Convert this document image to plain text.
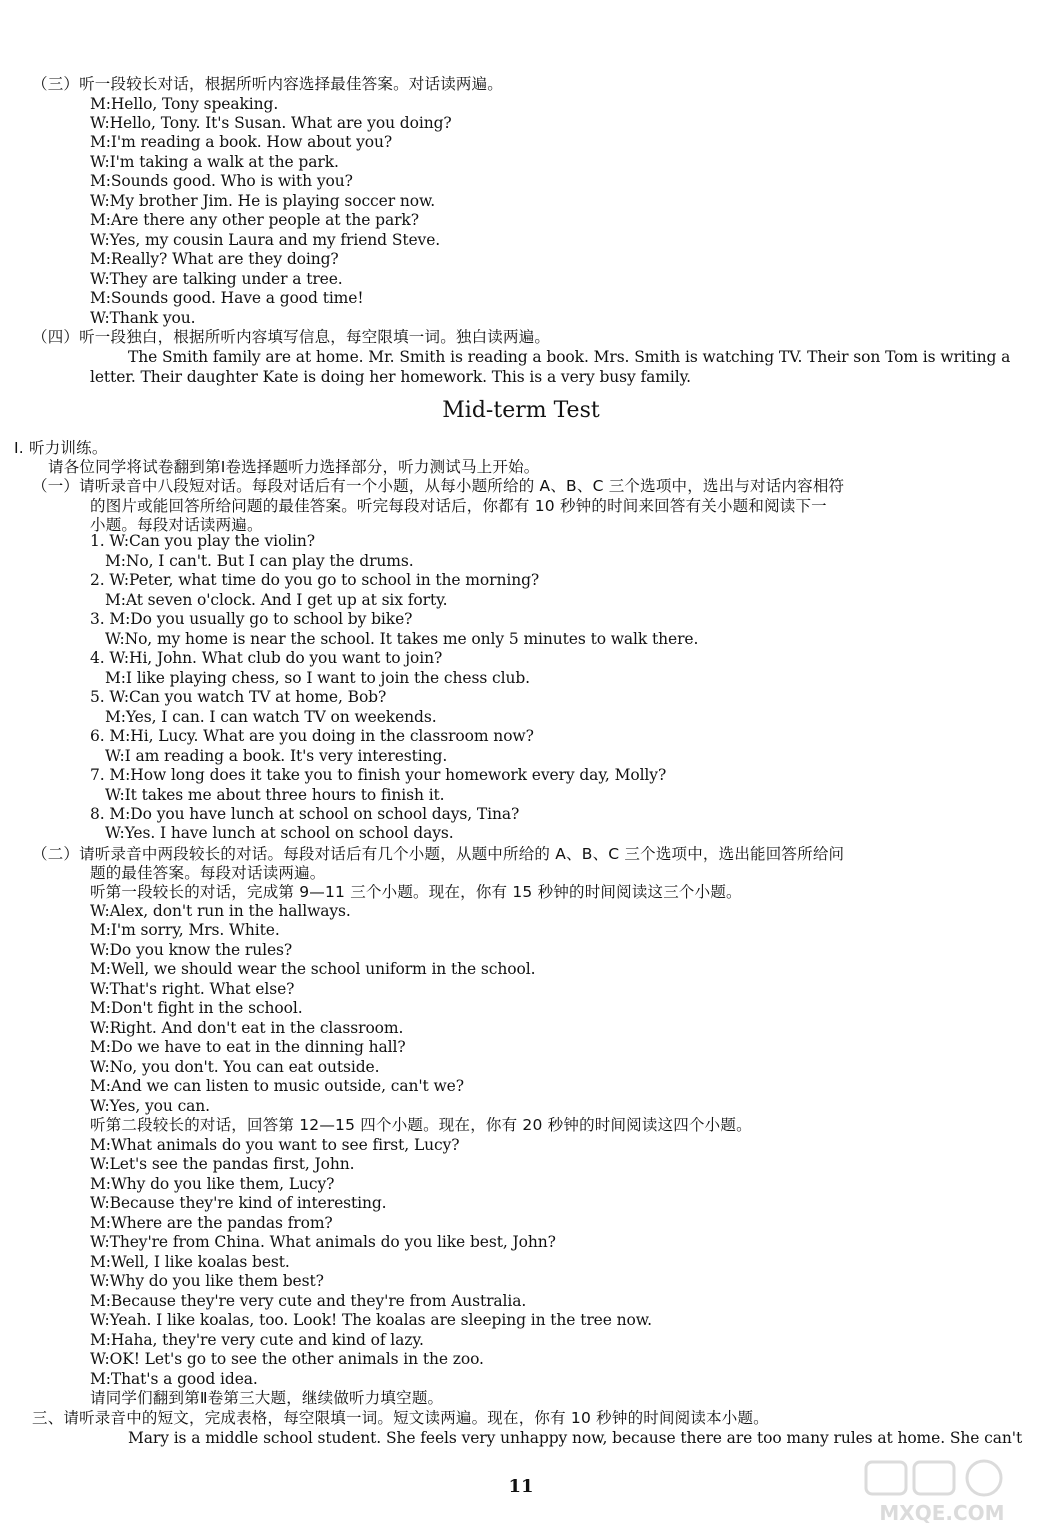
（三）听一段较长对话，根据所听内容选择最佳答案。对话读两遍。
M:Hello, Tony speaking.
W:Hello, Tony. It's Susan. What are you doing?
M:I'm reading a book. How about you?
W:I'm taking a walk at the park.
M:Sounds good. Who is with you?
W:My brother Jim. He is playing soccer now.
M:Are there any other people at the park?
W:Yes, my cousin Laura and my friend Steve.
M:Really? What are they doing?
W:They are talking under a tree.
M:Sounds good. Have a good time!
W:Thank you.
（四）听一段独白，根据所听内容填写信息，每空限填一词。独白读两遍。
The Smith family are at home. Mr. Smith is reading a book. Mrs. Smith is watching TV. Their son Tom is writing a
letter. Their daughter Kate is doing her homework. This is a very busy family.
Mid-term Test
Ⅰ. 听力训练。
请各位同学将试卷翻到第Ⅰ卷选择题听力选择部分，听力测试马上开始。
（一）请听录音中八段短对话。每段对话后有一个小题，从每小题所给的 A、B、C 三个选项中，选出与对话内容相符
的图片或能回答所给问题的最佳答案。听完每段对话后，你都有 10 秒钟的时间来回答有关小题和阅读下一
小题。每段对话读两遍。
1. W:Can you play the violin?
M:No, I can't. But I can play the drums.
2. W:Peter, what time do you go to school in the morning?
M:At seven o'clock. And I get up at six forty.
3. M:Do you usually go to school by bike?
W:No, my home is near the school. It takes me only 5 minutes to walk there.
4. W:Hi, John. What club do you want to join?
M:I like playing chess, so I want to join the chess club.
5. W:Can you watch TV at home, Bob?
M:Yes, I can. I can watch TV on weekends.
6. M:Hi, Lucy. What are you doing in the classroom now?
W:I am reading a book. It's very interesting.
7. M:How long does it take you to finish your homework every day, Molly?
W:It takes me about three hours to finish it.
8. M:Do you have lunch at school on school days, Tina?
W:Yes. I have lunch at school on school days.
（二）请听录音中两段较长的对话。每段对话后有几个小题，从题中所给的 A、B、C 三个选项中，选出能回答所给问
题的最佳答案。每段对话读两遍。
听第一段较长的对话，完成第 9—11 三个小题。现在，你有 15 秒钟的时间阅读这三个小题。
W:Alex, don't run in the hallways.
M:I'm sorry, Mrs. White.
W:Do you know the rules?
M:Well, we should wear the school uniform in the school.
W:That's right. What else?
M:Don't fight in the school.
W:Right. And don't eat in the classroom.
M:Do we have to eat in the dinning hall?
W:No, you don't. You can eat outside.
M:And we can listen to music outside, can't we?
W:Yes, you can.
听第二段较长的对话，回答第 12—15 四个小题。现在，你有 20 秒钟的时间阅读这四个小题。
M:What animals do you want to see first, Lucy?
W:Let's see the pandas first, John.
M:Why do you like them, Lucy?
W:Because they're kind of interesting.
M:Where are the pandas from?
W:They're from China. What animals do you like best, John?
M:Well, I like koalas best.
W:Why do you like them best?
M:Because they're very cute and they're from Australia.
W:Yeah. I like koalas, too. Look! The koalas are sleeping in the tree now.
M:Haha, they're very cute and kind of lazy.
W:OK! Let's go to see the other animals in the zoo.
M:That's a good idea.
请同学们翻到第Ⅱ卷第三大题，继续做听力填空题。
三、请听录音中的短文，完成表格，每空限填一词。短文读两遍。现在，你有 10 秒钟的时间阅读本小题。
Mary is a middle school student. She feels very unhappy now, because there are too many rules at home. She can't
11
MXQE.COM
